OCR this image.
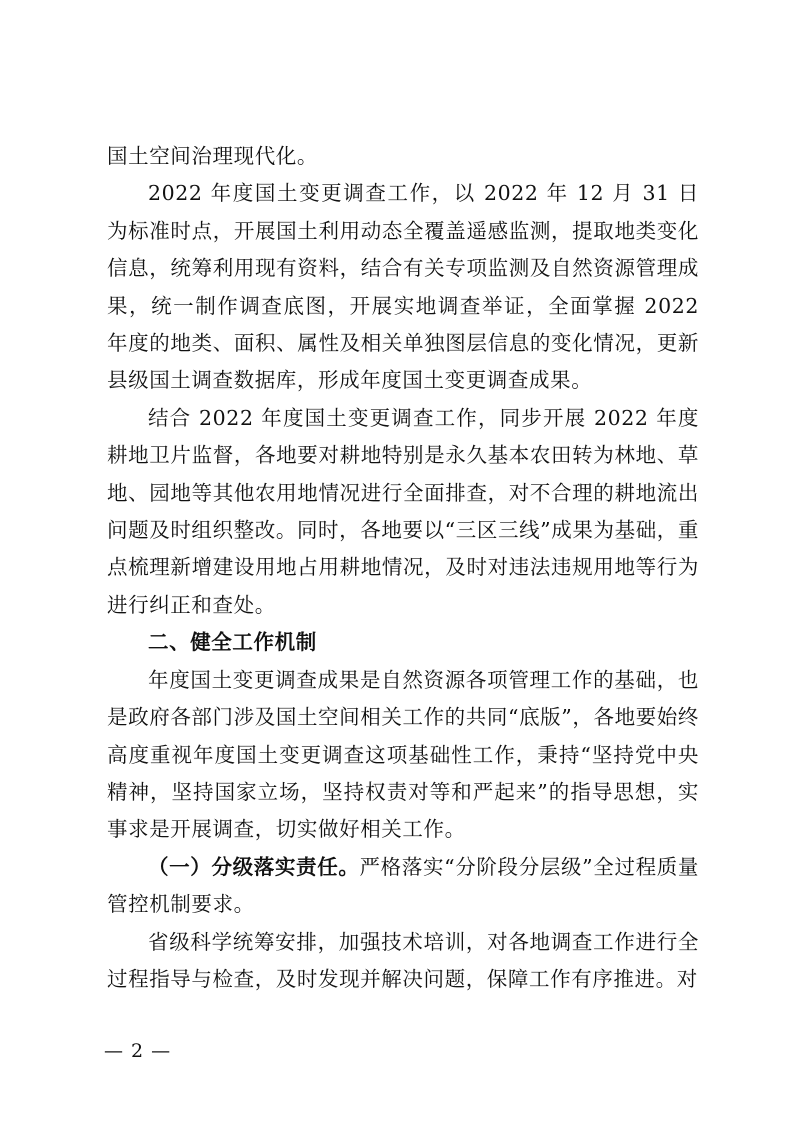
国土空间治理现代化。

2022 年度国土变更调查工作，以 2022 年 12 月 31 日为标准时点，开展国土利用动态全覆盖遥感监测，提取地类变化信息，统筹利用现有资料，结合有关专项监测及自然资源管理成果，统一制作调查底图，开展实地调查举证，全面掌握 2022 年度的地类、面积、属性及相关单独图层信息的变化情况，更新县级国土调查数据库，形成年度国土变更调查成果。

结合 2022 年度国土变更调查工作，同步开展 2022 年度耕地卫片监督，各地要对耕地特别是永久基本农田转为林地、草地、园地等其他农用地情况进行全面排查，对不合理的耕地流出问题及时组织整改。同时，各地要以“三区三线”成果为基础，重点梳理新增建设用地占用耕地情况，及时对违法违规用地等行为进行纠正和查处。

二、健全工作机制

年度国土变更调查成果是自然资源各项管理工作的基础，也是政府各部门涉及国土空间相关工作的共同“底版”，各地要始终高度重视年度国土变更调查这项基础性工作，秉持“坚持党中央精神，坚持国家立场，坚持权责对等和严起来”的指导思想，实事求是开展调查，切实做好相关工作。

（一）分级落实责任。严格落实“分阶段分层级”全过程质量管控机制要求。

省级科学统筹安排，加强技术培训，对各地调查工作进行全过程指导与检查，及时发现并解决问题，保障工作有序推进。对

— 2 —
